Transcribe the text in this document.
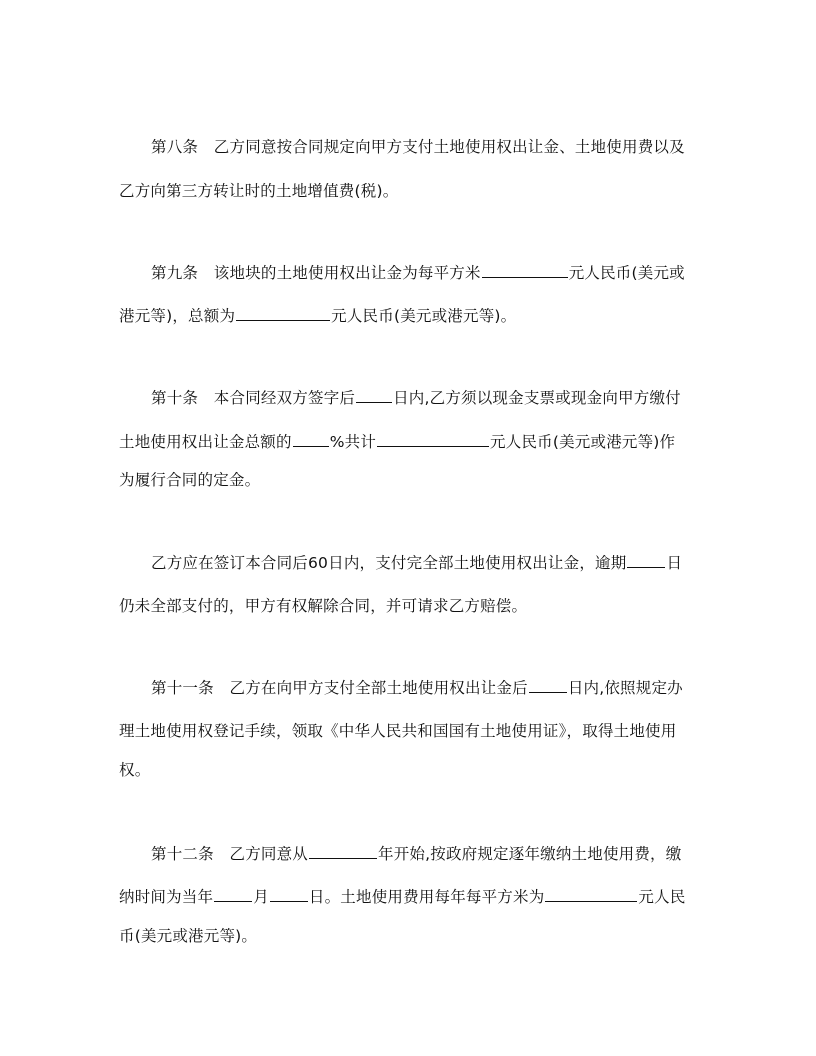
第八条　乙方同意按合同规定向甲方支付土地使用权出让金、土地使用费以及
乙方向第三方转让时的土地增值费(税)。
第九条　该地块的土地使用权出让金为每平方米	元人民币(美元或
港元等)，总额为	元人民币(美元或港元等)。
第十条　本合同经双方签字后 日内,乙方须以现金支票或现金向甲方缴付
土地使用权出让金总额的 %共计	元人民币(美元或港元等)作
为履行合同的定金。
乙方应在签订本合同后60日内，支付完全部土地使用权出让金，逾期	日
仍未全部支付的，甲方有权解除合同，并可请求乙方赔偿。
第十一条　乙方在向甲方支付全部土地使用权出让金后	日内,依照规定办
理土地使用权登记手续，领取《中华人民共和国国有土地使用证》，取得土地使用
权。
第十二条　乙方同意从	年开始,按政府规定逐年缴纳土地使用费，缴
纳时间为当年	月	日。土地使用费用每年每平方米为	元人民
币(美元或港元等)。
